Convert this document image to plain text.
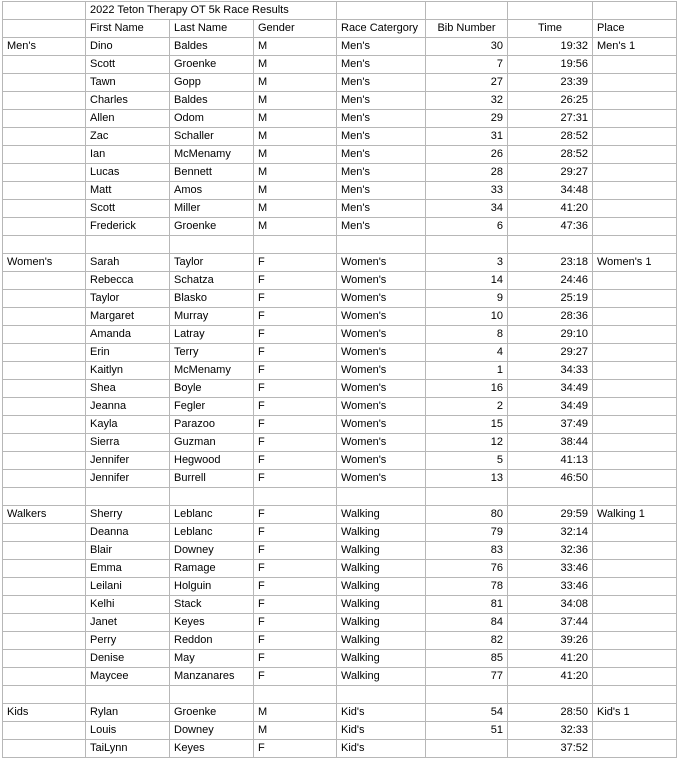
	2022 Teton Therapy OT 5k Race Results						
	First Name	Last Name	Gender	Race Catergory	Bib Number	Time	Place
Men's	Dino	Baldes	M	Men's	30	19:32	Men's 1
	Scott	Groenke	M	Men's	7	19:56	
	Tawn	Gopp	M	Men's	27	23:39	
	Charles	Baldes	M	Men's	32	26:25	
	Allen	Odom	M	Men's	29	27:31	
	Zac	Schaller	M	Men's	31	28:52	
	Ian	McMenamy	M	Men's	26	28:52	
	Lucas	Bennett	M	Men's	28	29:27	
	Matt	Amos	M	Men's	33	34:48	
	Scott	Miller	M	Men's	34	41:20	
	Frederick	Groenke	M	Men's	6	47:36	

Women's	Sarah	Taylor	F	Women's	3	23:18	Women's 1
	Rebecca	Schatza	F	Women's	14	24:46	
	Taylor	Blasko	F	Women's	9	25:19	
	Margaret	Murray	F	Women's	10	28:36	
	Amanda	Latray	F	Women's	8	29:10	
	Erin	Terry	F	Women's	4	29:27	
	Kaitlyn	McMenamy	F	Women's	1	34:33	
	Shea	Boyle	F	Women's	16	34:49	
	Jeanna	Fegler	F	Women's	2	34:49	
	Kayla	Parazoo	F	Women's	15	37:49	
	Sierra	Guzman	F	Women's	12	38:44	
	Jennifer	Hegwood	F	Women's	5	41:13	
	Jennifer	Burrell	F	Women's	13	46:50	

Walkers	Sherry	Leblanc	F	Walking	80	29:59	Walking 1
	Deanna	Leblanc	F	Walking	79	32:14	
	Blair	Downey	F	Walking	83	32:36	
	Emma	Ramage	F	Walking	76	33:46	
	Leilani	Holguin	F	Walking	78	33:46	
	Kelhi	Stack	F	Walking	81	34:08	
	Janet	Keyes	F	Walking	84	37:44	
	Perry	Reddon	F	Walking	82	39:26	
	Denise	May	F	Walking	85	41:20	
	Maycee	Manzanares	F	Walking	77	41:20	

Kids	Rylan	Groenke	M	Kid's	54	28:50	Kid's 1
	Louis	Downey	M	Kid's	51	32:33	
	TaiLynn	Keyes	F	Kid's		37:52	
